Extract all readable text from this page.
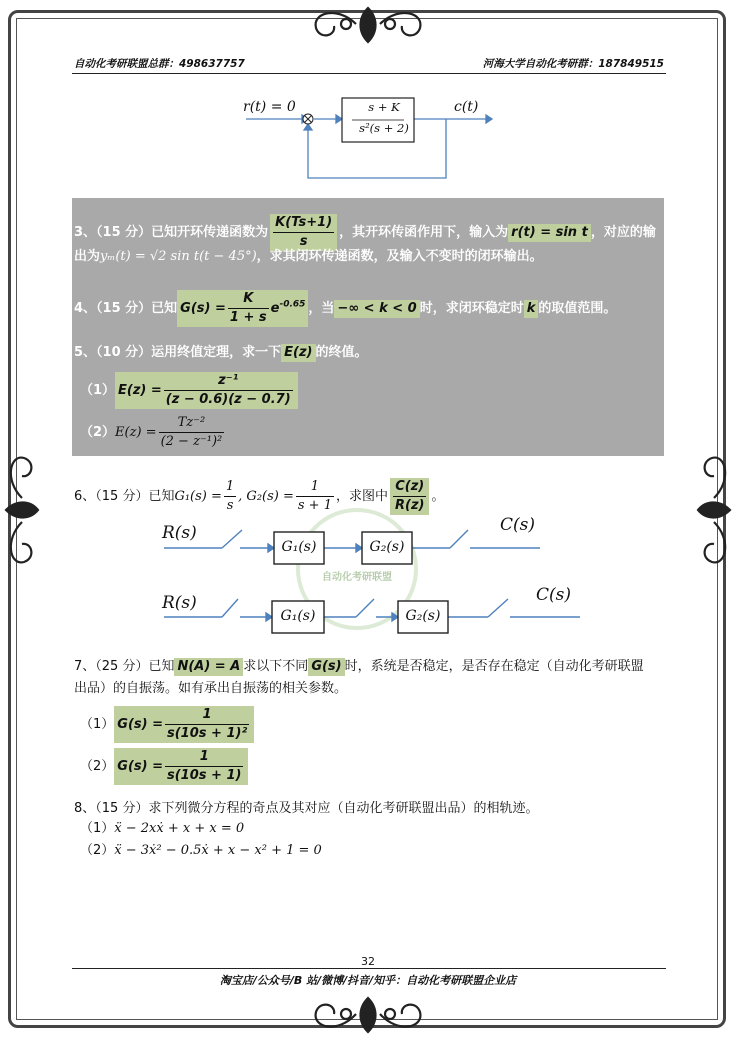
自动化考研联盟总群：498637757	河海大学自动化考研群：187849515
r(t) = 0	c(t)
s + K
s²(s + 2)
3、（15 分）已知开环传递函数为 $\frac{K(Ts+1)}{s}$ ，其开环传函作用下，输入为 r(t) = sin t ，对应的输
出为yₘ(t) = √2 sin t(t − 45°)，求其闭环传递函数，及输入不变时的闭环输出。
4、（15 分）已知 $G(s) = \frac{K}{1 + s} e^{-0.65}$ ，当 −∞ < k < 0 时，求闭环稳定时 k 的取值范围。
5、（10 分）运用终值定理，求一下 E(z) 的终值。
（1） $E(z) = \frac{\text{z⁻¹}}{(z - 0.6)(z - 0.7)}$
$(2)E(z) = \frac{\text{Tz⁻²}}{\text{(2 − z⁻¹)²}}$
6、（15 分）已知$G_1(s) = \frac{1}{s}$ , $G_2(s) = \frac{1}{s + 1}$ ，求图中 $\frac{C(z)}{R(z)}$ 。
自动化考研联盟
R(s)
G₁(s)	G₂(s)
C(s)
R(s)
G₁(s)	G₂(s)
C(s)
7、（25 分）已知 N(A) = A 求以下不同 G(s) 时，系统是否稳定，是否存在稳定（自动化考研联盟
出品）的自振荡。如有承出自振荡的相关参数。
（1） $G(s) = \frac{1}{\text{s(10s + 1)²}}$
（2） $G(s) = \frac{1}{s(10s + 1)}$
8、（15 分）求下列微分方程的奇点及其对应（自动化考研联盟出品）的相轨迹。
（1）ẍ − 2xẋ + x + x = 0
（2）ẍ − 3ẋ² − 0.5ẋ + x − x² + 1 = 0
32
淘宝店/公众号/B 站/微博/抖音/知乎：自动化考研联盟企业店
